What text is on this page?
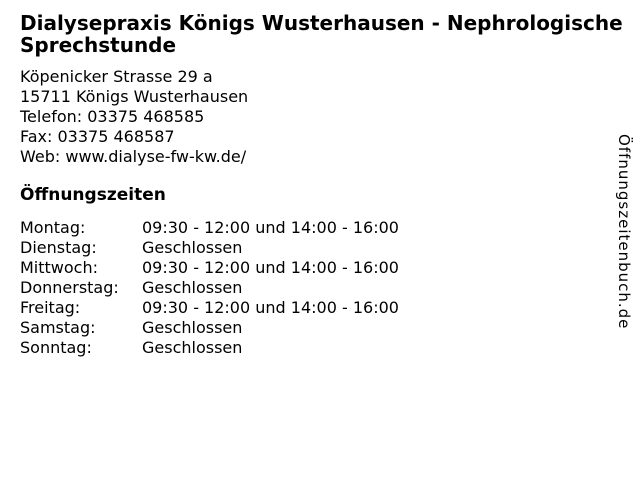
Dialysepraxis Königs Wusterhausen - Nephrologische Sprechstunde
Köpenicker Strasse 29 a
15711 Königs Wusterhausen
Telefon: 03375 468585
Fax: 03375 468587
Web: www.dialyse-fw-kw.de/
Öffnungszeiten
Montag:	09:30 - 12:00 und 14:00 - 16:00
Dienstag:	Geschlossen
Mittwoch:	09:30 - 12:00 und 14:00 - 16:00
Donnerstag:	Geschlossen
Freitag:	09:30 - 12:00 und 14:00 - 16:00
Samstag:	Geschlossen
Sonntag:	Geschlossen
Öffnungszeitenbuch.de
